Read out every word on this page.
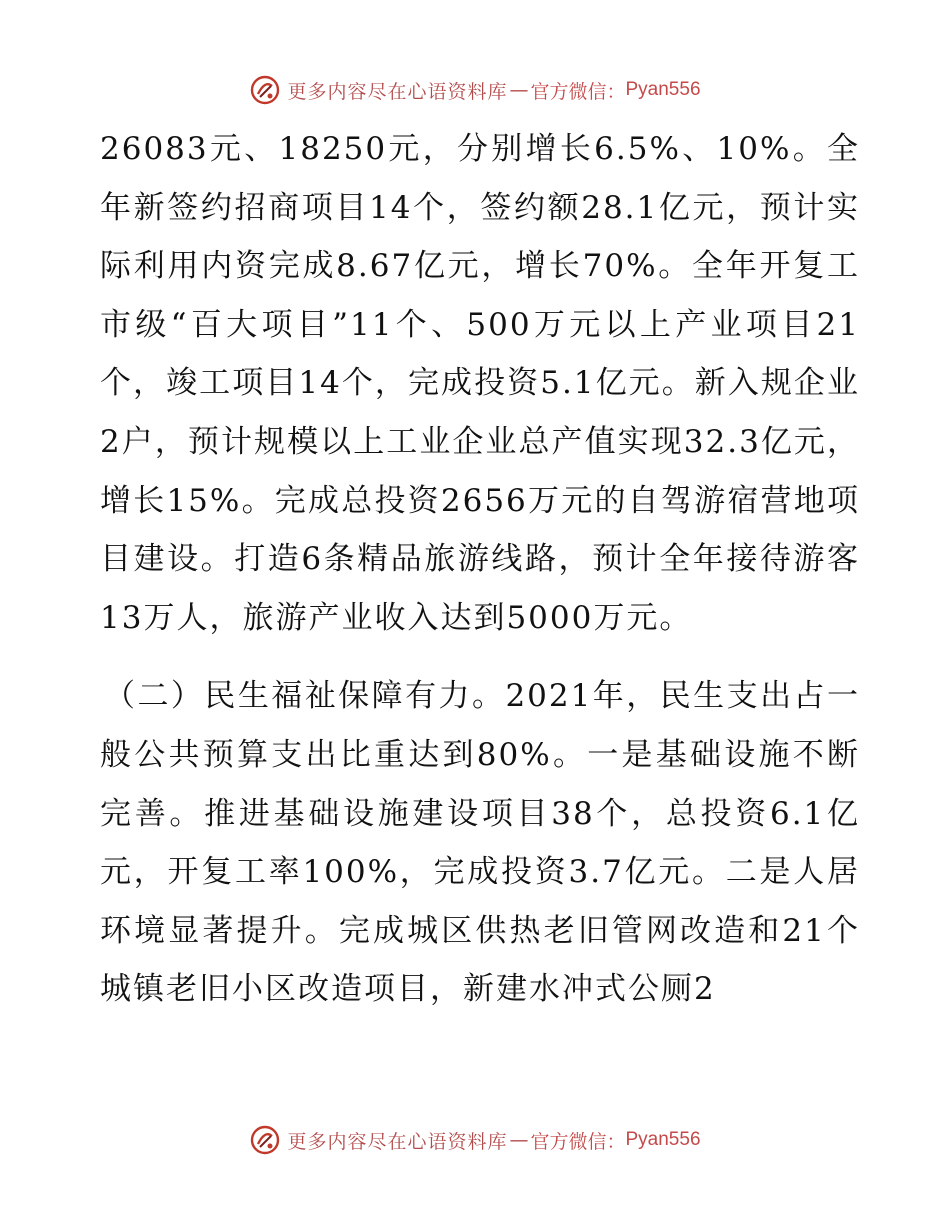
更多内容尽在心语资料库 — 官方微信： Pyan556

26083元、18250元，分别增长6.5%、10%。全年新签约招商项目14个，签约额28.1亿元，预计实际利用内资完成8.67亿元，增长70%。全年开复工市级“百大项目”11个、500万元以上产业项目21个，竣工项目14个，完成投资5.1亿元。新入规企业2户，预计规模以上工业企业总产值实现32.3亿元，增长15%。完成总投资2656万元的自驾游宿营地项目建设。打造6条精品旅游线路，预计全年接待游客13万人，旅游产业收入达到5000万元。

（二）民生福祉保障有力。2021年，民生支出占一般公共预算支出比重达到80%。一是基础设施不断完善。推进基础设施建设项目38个，总投资6.1亿元，开复工率100%，完成投资3.7亿元。二是人居环境显著提升。完成城区供热老旧管网改造和21个城镇老旧小区改造项目，新建水冲式公厕2

更多内容尽在心语资料库 — 官方微信： Pyan556
